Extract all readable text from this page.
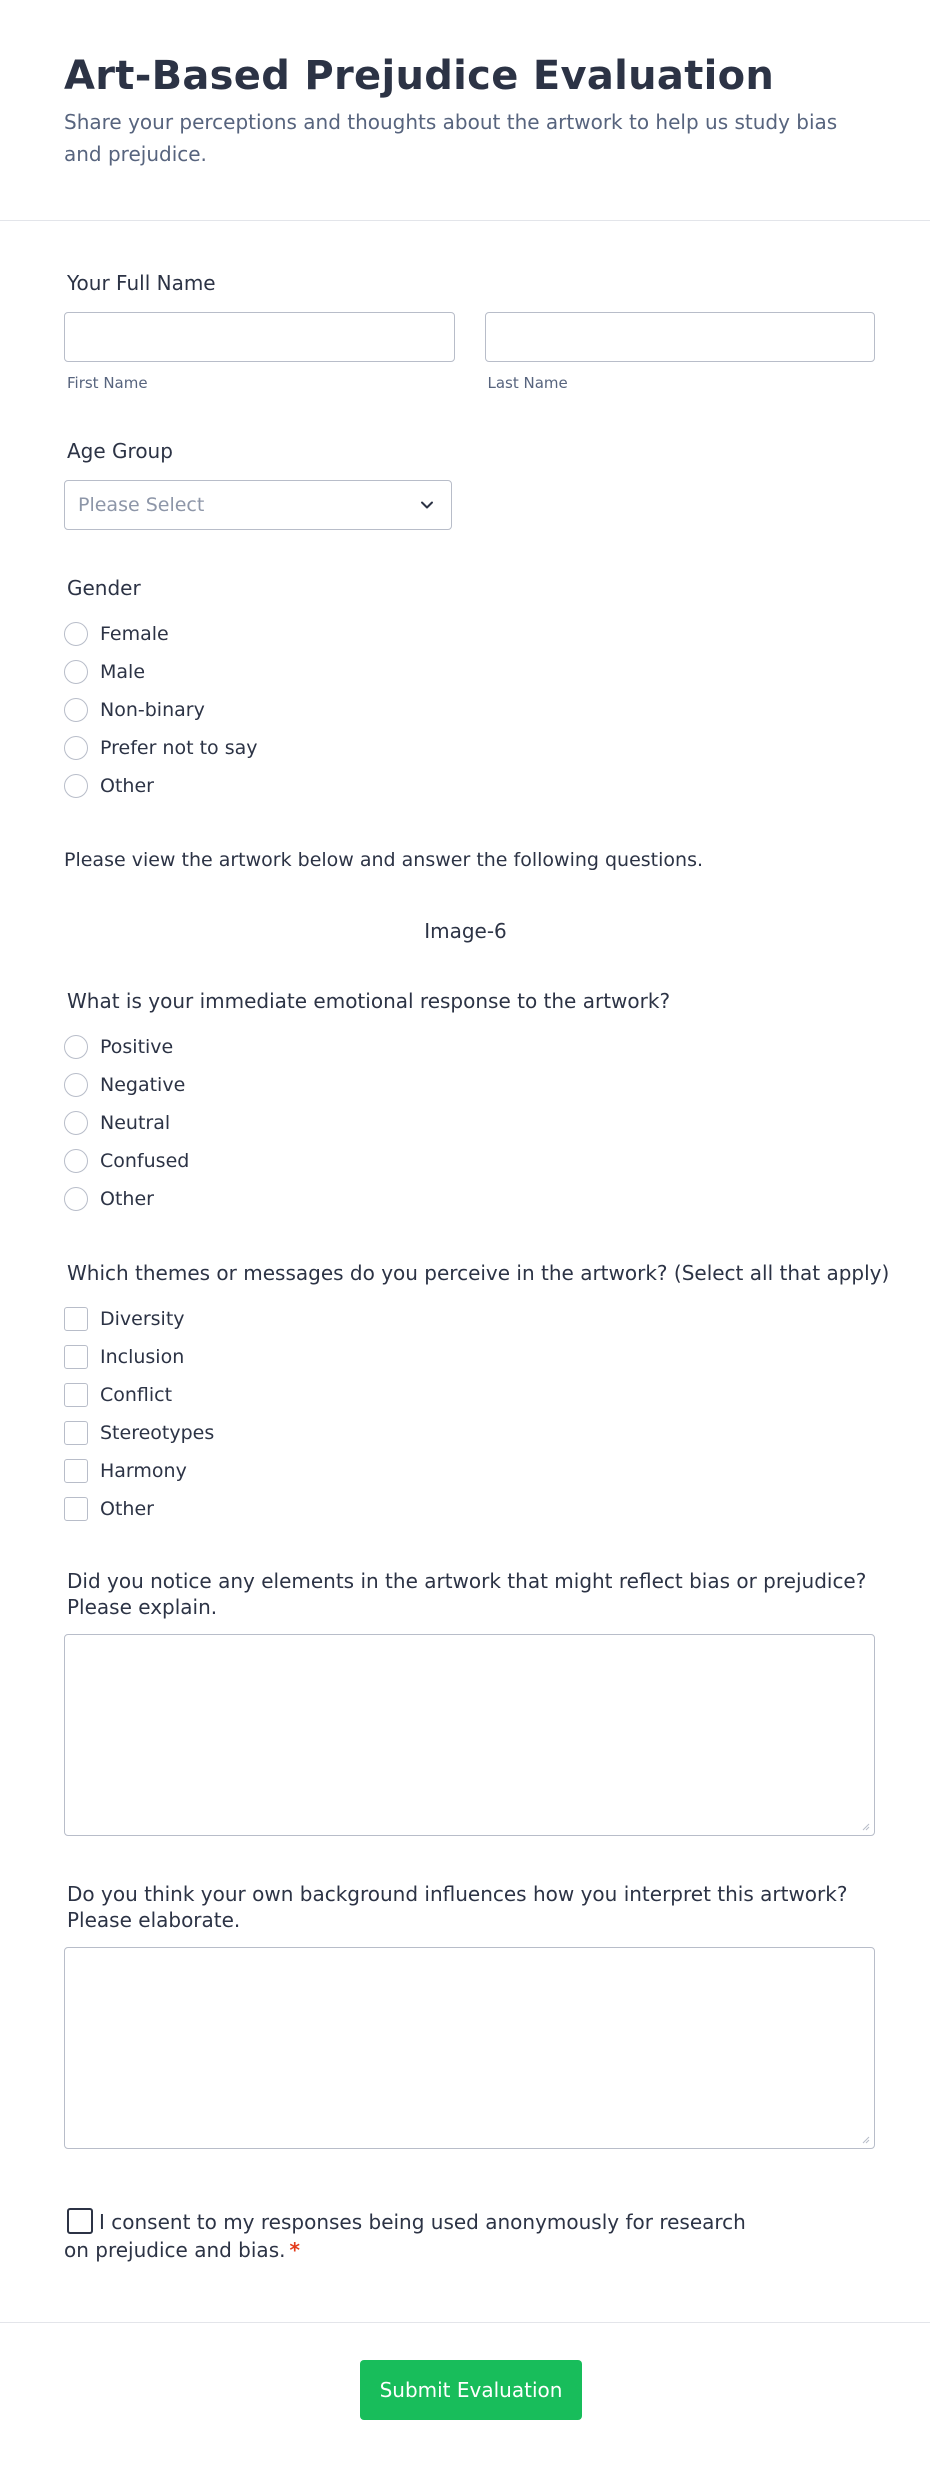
Art-Based Prejudice Evaluation

Share your perceptions and thoughts about the artwork to help us study bias and prejudice.

Your Full Name
First Name	Last Name
Age Group
Please Select
Gender
Female
Male
Non-binary
Prefer not to say
Other
Please view the artwork below and answer the following questions.
Image-6
What is your immediate emotional response to the artwork?
Positive
Negative
Neutral
Confused
Other
Which themes or messages do you perceive in the artwork? (Select all that apply)
Diversity
Inclusion
Conflict
Stereotypes
Harmony
Other
Did you notice any elements in the artwork that might reflect bias or prejudice? Please explain.
Do you think your own background influences how you interpret this artwork? Please elaborate.
I consent to my responses being used anonymously for research on prejudice and bias. *
Submit Evaluation
